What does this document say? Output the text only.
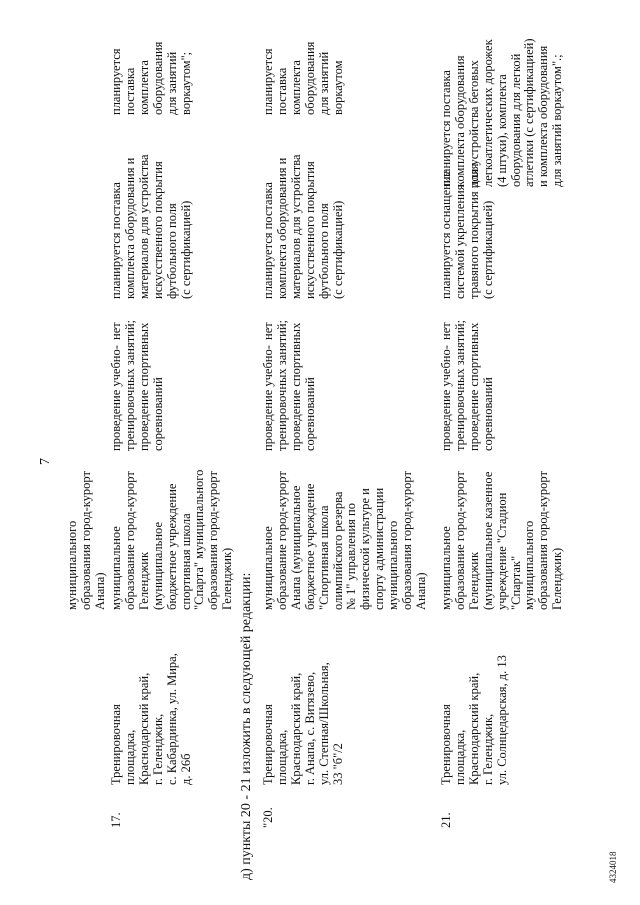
7
муниципального
образования город-курорт
Анапа)
17.
Тренировочная
площадка,
Краснодарский край,
г. Геленджик,
с. Кабардинка, ул. Мира,
д. 26б
муниципальное
образование город-курорт
Геленджик
(муниципальное
бюджетное учреждение
спортивная школа
"Спарта" муниципального
образования город-курорт
Геленджик)
проведение учебно-
тренировочных занятий;
проведение спортивных
соревнований
нет
планируется поставка
комплекта оборудования и
материалов для устройства
искусственного покрытия
футбольного поля
(с сертификацией)
планируется поставка
комплекта оборудования
для занятий воркаутом";
д) пункты 20 - 21 изложить в следующей редакции: "20.
Тренировочная
площадка,
Краснодарский край,
г. Анапа, с. Витязево,
ул. Степная/Школьная,
33 "б"/2
муниципальное
образование город-курорт
Анапа (муниципальное
бюджетное учреждение
"Спортивная школа
олимпийского резерва
№ 1" управления по
физической культуре и
спорту администрации
муниципального
образования город-курорт
Анапа)
проведение учебно-
тренировочных занятий;
проведение спортивных
соревнований
нет
планируется поставка
комплекта оборудования и
материалов для устройства
искусственного покрытия
футбольного поля
(с сертификацией)
планируется поставка
комплекта оборудования
для занятий воркаутом
21.
Тренировочная
площадка,
Краснодарский край,
г. Геленджик,
ул. Солнцедарская, д. 13
муниципальное
образование город-курорт
Геленджик
(муниципальное казенное
учреждение "Стадион
"Спартак"
муниципального
образования город-курорт
Геленджик)
проведение учебно-
тренировочных занятий;
проведение спортивных
соревнований
нет
планируется оснащение
системой укрепления
травяного покрытия поля
(с сертификацией)
планируется поставка
комплекта оборудования
для устройства беговых
легкоатлетических дорожек
(4 штуки), комплекта
оборудования для легкой
атлетики (с сертификацией)
и комплекта оборудования
для занятий воркаутом".;
4324018
